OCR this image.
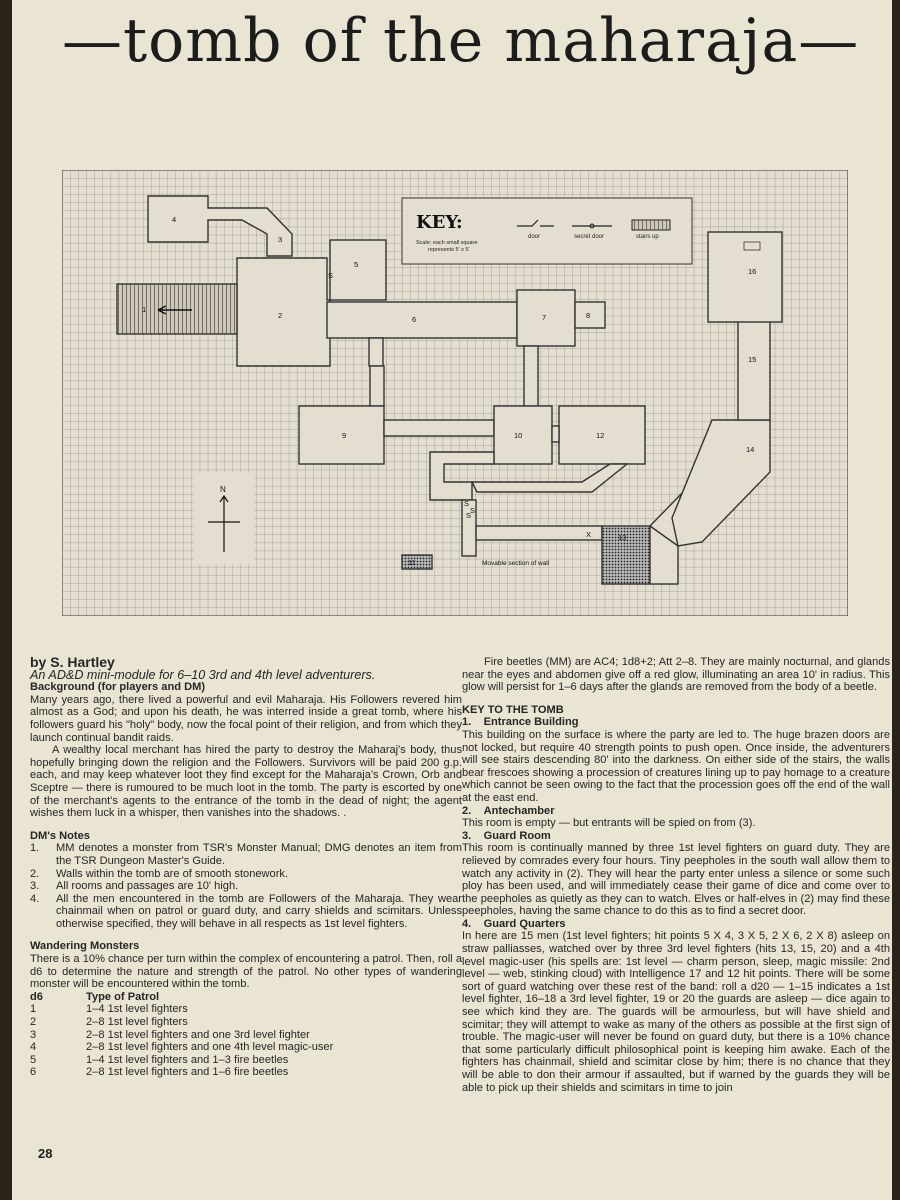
—tomb of the maharaja—
KEY:
Scale: each small square
represents 5' x 5'
door	secret door	stairs up
4
3
5
2
1
6	7	8
9	10
11
12
13
14
15
16
S
S
S
S
X
N
Movable section of wall

by S. Hartley

An AD&D mini-module for 6–10 3rd and 4th level adventurers.

Background (for players and DM)

Many years ago, there lived a powerful and evil Maharaja. His Followers revered him almost as a God; and upon his death, he was interred inside a great tomb, where his followers guard his "holy" body, now the focal point of their religion, and from which they launch continual bandit raids.

A wealthy local merchant has hired the party to destroy the Maharaj's body, thus hopefully bringing down the religion and the Followers. Survivors will be paid 200 g.p. each, and may keep whatever loot they find except for the Maharaja's Crown, Orb and Sceptre — there is rumoured to be much loot in the tomb. The party is escorted by one of the merchant's agents to the entrance of the tomb in the dead of night; the agent wishes them luck in a whisper, then vanishes into the shadows. .

DM's Notes

1.	MM denotes a monster from TSR's Monster Manual; DMG denotes an item from the TSR Dungeon Master's Guide.
2.	Walls within the tomb are of smooth stonework.
3.	All rooms and passages are 10' high.
4.	All the men encountered in the tomb are Followers of the Maharaja. They wear chainmail when on patrol or guard duty, and carry shields and scimitars. Unless otherwise specified, they will behave in all respects as 1st level fighters.

Wandering Monsters

There is a 10% chance per turn within the complex of encountering a patrol. Then, roll a d6 to determine the nature and strength of the patrol. No other types of wandering monster will be encountered within the tomb.

d6	Type of Patrol
1	1–4 1st level fighters
2	2–8 1st level fighters
3	2–8 1st level fighters and one 3rd level fighter
4	2–8 1st level fighters and one 4th level magic-user
5	1–4 1st level fighters and 1–3 fire beetles
6	2–8 1st level fighters and 1–6 fire beetles
28

Fire beetles (MM) are AC4; 1d8+2; Att 2–8. They are mainly nocturnal, and glands near the eyes and abdomen give off a red glow, illuminating an area 10' in radius. This glow will persist for 1–6 days after the glands are removed from the body of a beetle.

KEY TO THE TOMB

1. Entrance Building

This building on the surface is where the party are led to. The huge brazen doors are not locked, but require 40 strength points to push open. Once inside, the adventurers will see stairs descending 80' into the darkness. On either side of the stairs, the walls bear frescoes showing a procession of creatures lining up to pay homage to a creature which cannot be seen owing to the fact that the procession goes off the end of the wall at the east end.

2. Antechamber

This room is empty — but entrants will be spied on from (3).

3. Guard Room

This room is continually manned by three 1st level fighters on guard duty. They are relieved by comrades every four hours. Tiny peepholes in the south wall allow them to watch any activity in (2). They will hear the party enter unless a silence or some such ploy has been used, and will immediately cease their game of dice and come over to the peepholes as quietly as they can to watch. Elves or half-elves in (2) may find these peepholes, having the same chance to do this as to find a secret door.

4. Guard Quarters

In here are 15 men (1st level fighters; hit points 5 X 4, 3 X 5, 2 X 6, 2 X 8) asleep on straw palliasses, watched over by three 3rd level fighters (hits 13, 15, 20) and a 4th level magic-user (his spells are: 1st level — charm person, sleep, magic missile: 2nd level — web, stinking cloud) with Intelligence 17 and 12 hit points. There will be some sort of guard watching over these rest of the band: roll a d20 — 1–15 indicates a 1st level fighter, 16–18 a 3rd level fighter, 19 or 20 the guards are asleep — dice again to see which kind they are. The guards will be armourless, but will have shield and scimitar; they will attempt to wake as many of the others as possible at the first sign of trouble. The magic-user will never be found on guard duty, but there is a 10% chance that some particularly difficult philosophical point is keeping him awake. Each of the fighters has chainmail, shield and scimitar close by him; there is no chance that they will be able to don their armour if assaulted, but if warned by the guards they will be able to pick up their shields and scimitars in time to join
